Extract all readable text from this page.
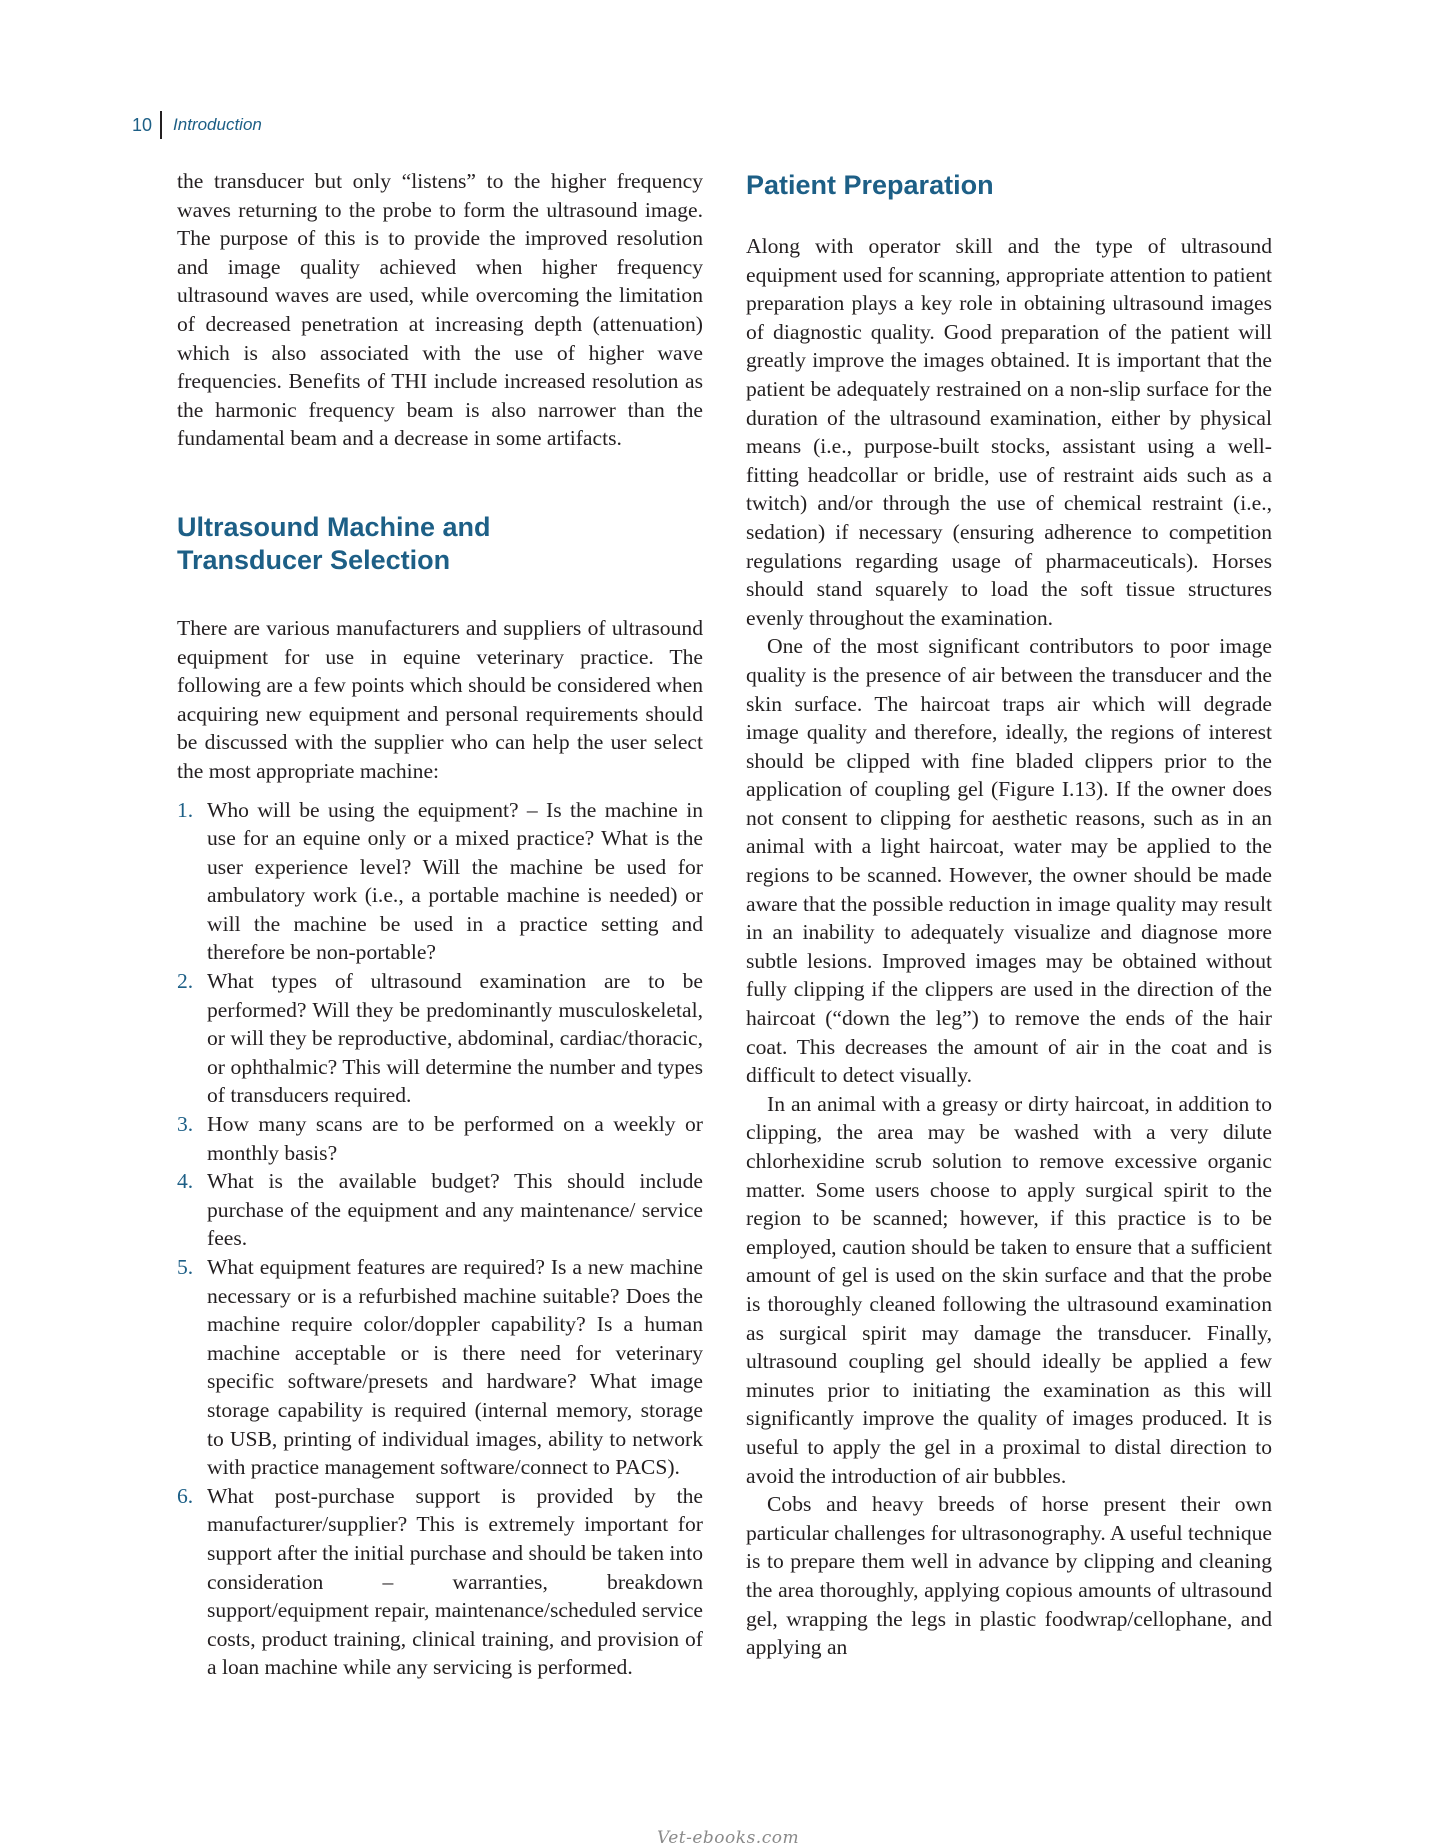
10	Introduction

the transducer but only “listens” to the higher frequency waves returning to the probe to form the ultrasound image. The purpose of this is to provide the improved resolution and image quality achieved when higher frequency ultrasound waves are used, while overcoming the limitation of decreased penetration at increasing depth (attenuation) which is also associated with the use of higher wave frequencies. Benefits of THI include increased resolution as the harmonic frequency beam is also narrower than the fundamental beam and a decrease in some artifacts.

Ultrasound Machine and
Transducer Selection

There are various manufacturers and suppliers of ultrasound equipment for use in equine veterinary practice. The following are a few points which should be considered when acquiring new equipment and personal requirements should be discussed with the supplier who can help the user select the most appropriate machine:

1. Who will be using the equipment? – Is the machine in use for an equine only or a mixed practice? What is the user experience level? Will the machine be used for ambulatory work (i.e., a portable machine is needed) or will the machine be used in a practice setting and therefore be non-portable?
2. What types of ultrasound examination are to be performed? Will they be predominantly musculoskeletal, or will they be reproductive, abdominal, cardiac/thoracic, or ophthalmic? This will determine the number and types of transducers required.
3. How many scans are to be performed on a weekly or monthly basis?
4. What is the available budget? This should include purchase of the equipment and any maintenance/ service fees.
5. What equipment features are required? Is a new machine necessary or is a refurbished machine suitable? Does the machine require color/doppler capability? Is a human machine acceptable or is there need for veterinary specific software/presets and hardware? What image storage capability is required (internal memory, storage to USB, printing of individual images, ability to network with practice management software/connect to PACS).
6. What post-purchase support is provided by the manufacturer/supplier? This is extremely important for support after the initial purchase and should be taken into consideration – warranties, breakdown support/equipment repair, maintenance/scheduled service costs, product training, clinical training, and provision of a loan machine while any servicing is performed.
Patient Preparation

Along with operator skill and the type of ultrasound equipment used for scanning, appropriate attention to patient preparation plays a key role in obtaining ultrasound images of diagnostic quality. Good preparation of the patient will greatly improve the images obtained. It is important that the patient be adequately restrained on a non-slip surface for the duration of the ultrasound examination, either by physical means (i.e., purpose-built stocks, assistant using a well-fitting headcollar or bridle, use of restraint aids such as a twitch) and/or through the use of chemical restraint (i.e., sedation) if necessary (ensuring adherence to competition regulations regarding usage of pharmaceuticals). Horses should stand squarely to load the soft tissue structures evenly throughout the examination.

One of the most significant contributors to poor image quality is the presence of air between the transducer and the skin surface. The haircoat traps air which will degrade image quality and therefore, ideally, the regions of interest should be clipped with fine bladed clippers prior to the application of coupling gel (Figure I.13). If the owner does not consent to clipping for aesthetic reasons, such as in an animal with a light haircoat, water may be applied to the regions to be scanned. However, the owner should be made aware that the possible reduction in image quality may result in an inability to adequately visualize and diagnose more subtle lesions. Improved images may be obtained without fully clipping if the clippers are used in the direction of the haircoat (“down the leg”) to remove the ends of the hair coat. This decreases the amount of air in the coat and is difficult to detect visually.

In an animal with a greasy or dirty haircoat, in addition to clipping, the area may be washed with a very dilute chlorhexidine scrub solution to remove excessive organic matter. Some users choose to apply surgical spirit to the region to be scanned; however, if this practice is to be employed, caution should be taken to ensure that a sufficient amount of gel is used on the skin surface and that the probe is thoroughly cleaned following the ultrasound examination as surgical spirit may damage the transducer. Finally, ultrasound coupling gel should ideally be applied a few minutes prior to initiating the examination as this will significantly improve the quality of images produced. It is useful to apply the gel in a proximal to distal direction to avoid the introduction of air bubbles.

Cobs and heavy breeds of horse present their own particular challenges for ultrasonography. A useful technique is to prepare them well in advance by clipping and cleaning the area thoroughly, applying copious amounts of ultrasound gel, wrapping the legs in plastic foodwrap/cellophane, and applying an

Vet-ebooks.com
